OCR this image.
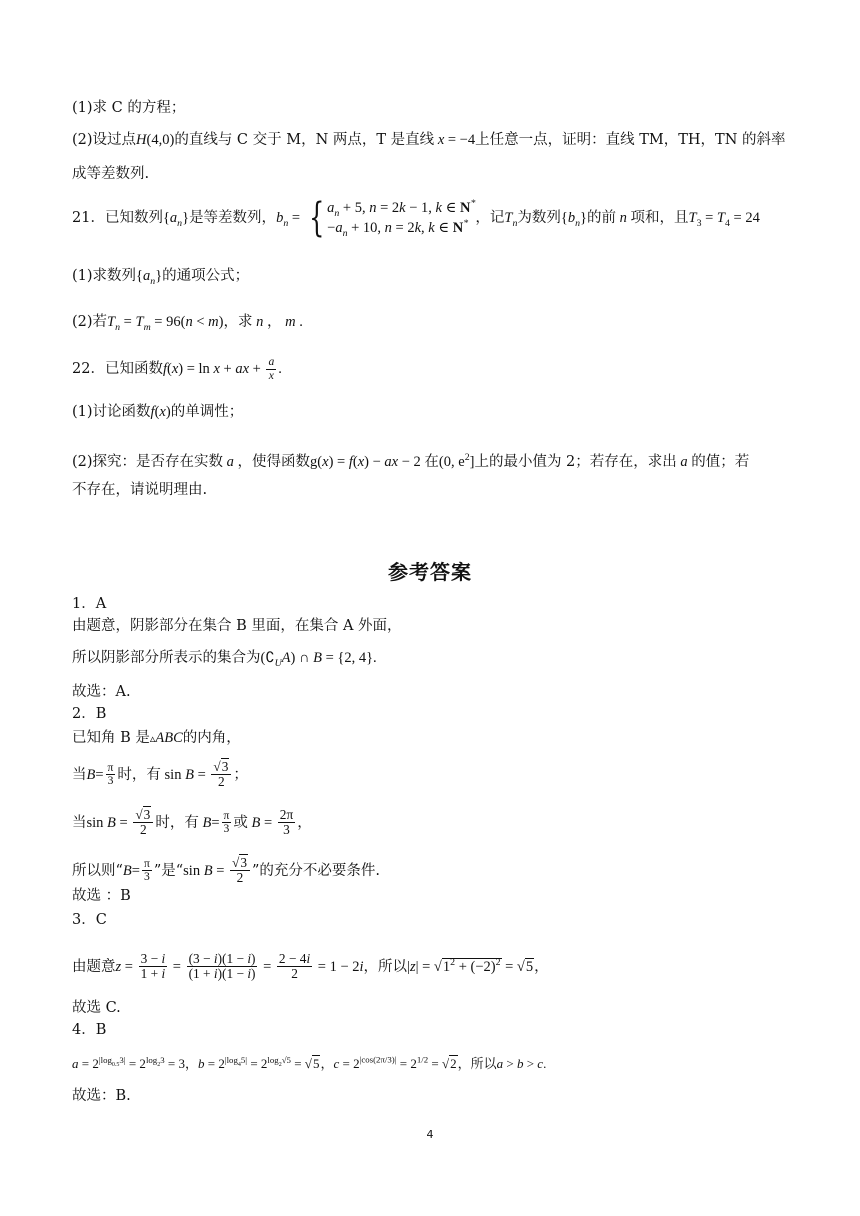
(1)求 C 的方程；
(2)设过点H(4,0)的直线与 C 交于 M，N 两点，T 是直线 x = −4上任意一点，证明：直线 TM，TH，TN 的斜率
成等差数列.
21．已知数列$\{a_n\}$是等差数列，$b_n$ = { $a_n + 5$, n = 2k − 1, k ∈ N*
$-a_n + 10$, n = 2k, k ∈ N* ，记$T_n$为数列$\{b_n\}$的前 n 项和，且$T_3 = T_4 = 24$
(1)求数列$\{a_n\}$的通项公式；
(2)若$T_n = T_m = 96(n < m)$，求 n ， m .
22．已知函数f(x) = ln x + ax + $\frac{a}{x}$ .
(1)讨论函数f(x)的单调性；
(2)探究：是否存在实数 a ，使得函数g(x) = f(x) − ax − 2 在(0, $e^2$]上的最小值为 2；若存在，求出 a 的值；若
不存在，请说明理由.
参考答案
1．A
由题意，阴影部分在集合 B 里面，在集合 A 外面，
所以阴影部分所表示的集合为$(∁_UA)$ ∩ B = {2, 4}.
故选：A.
2．B
已知角 B 是▵ABC的内角，
当$B= \frac{\pi}{3}$ 时，有 $\sin B = \frac{√3}{2}$ ；
当$\sin B = \frac{√3}{2}$ 时，有 $B= \frac{\pi}{3}$ 或 $B = \frac{2\pi}{3}$ ，
所以则“$B= \frac{\pi}{3}$ ”是“sin $B = \frac{√3}{2}$ ”的充分不必要条件.
故选 ：B
3．C
由题意$z = \frac{3 - i}{1 + i} = \frac{(3 - i)(1 - i)}{(1 + i)(1 - i)} = \frac{2 - 4i}{2} = 1 - 2i$，所以$|z| = √1^2 + (-2)^2 = √5$，
故选 C.
4．B
$a = 2^{|log_{0.5}3|} = 2^{log_23} = 3$，$b = 2^{|log_45|} = 2^{log_2√5} = √5$，$c = 2^{|cos(2\pi/3)|} = 2^{1/2} = √2$，所以a > b > c.
故选：B.
4
